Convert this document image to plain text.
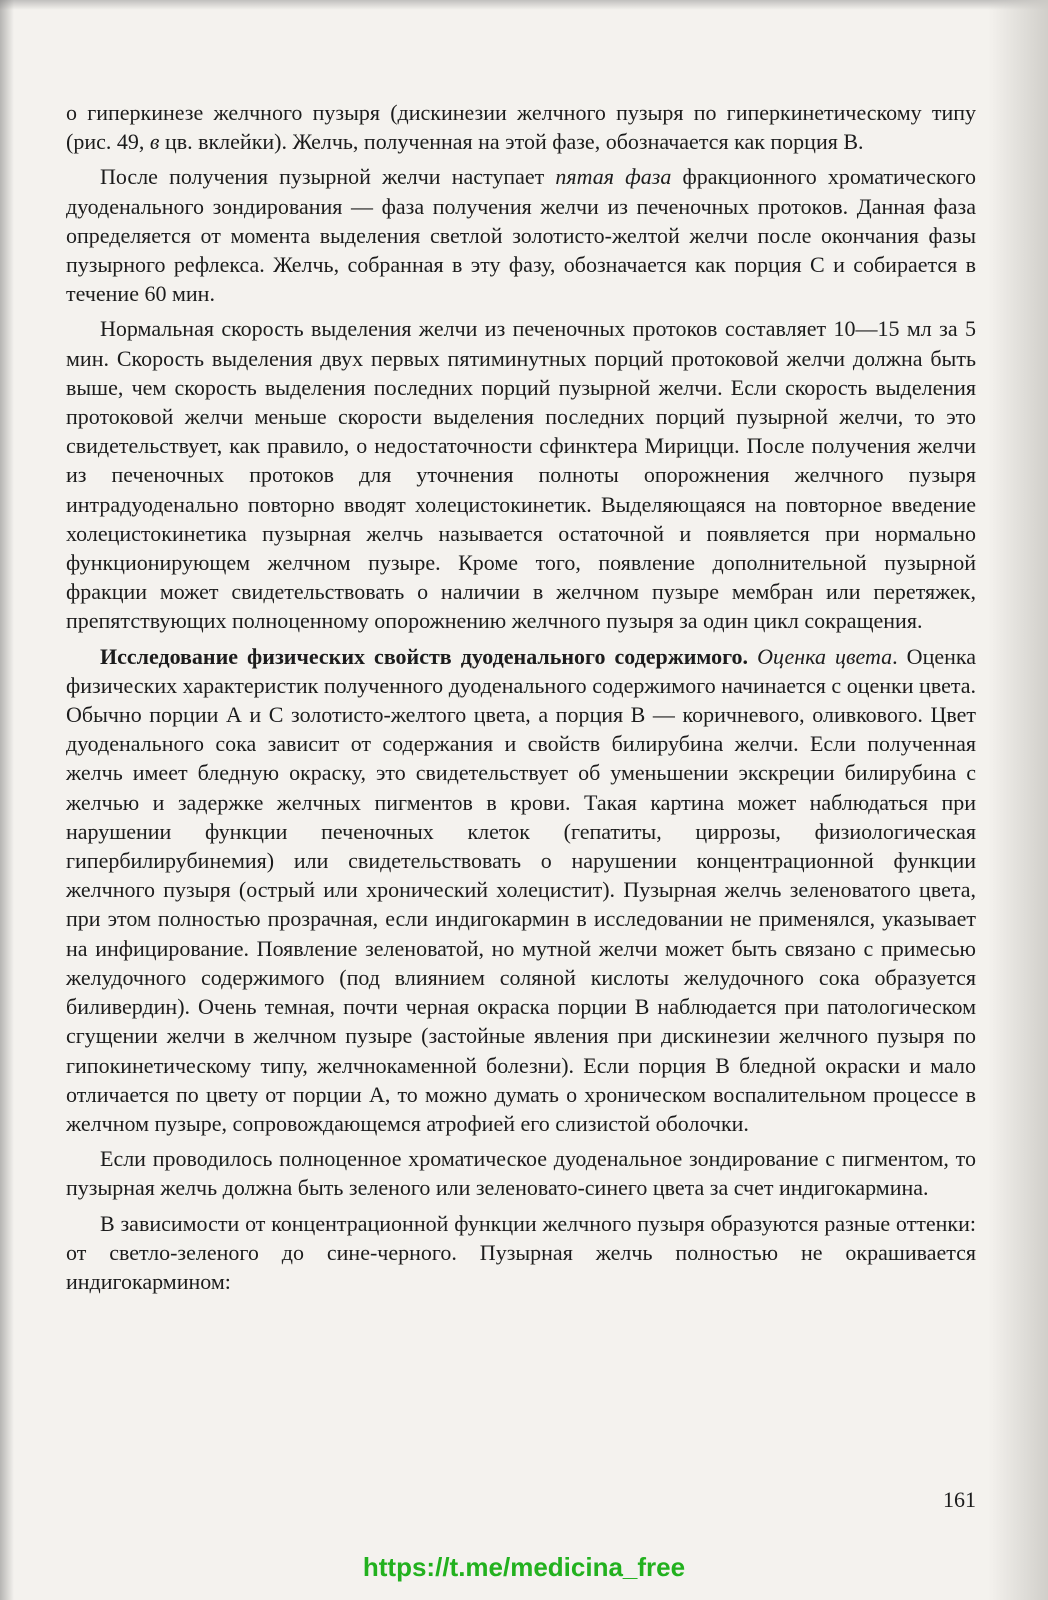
о гиперкинезе желчного пузыря (дискинезии желчного пузыря по гиперкинетическому типу (рис. 49, в цв. вклейки). Желчь, полученная на этой фазе, обозначается как порция В.

После получения пузырной желчи наступает пятая фаза фракционного хроматического дуоденального зондирования — фаза получения желчи из печеночных протоков. Данная фаза определяется от момента выделения светлой золотисто-желтой желчи после окончания фазы пузырного рефлекса. Желчь, собранная в эту фазу, обозначается как порция С и собирается в течение 60 мин.

Нормальная скорость выделения желчи из печеночных протоков составляет 10—15 мл за 5 мин. Скорость выделения двух первых пятиминутных порций протоковой желчи должна быть выше, чем скорость выделения последних порций пузырной желчи. Если скорость выделения протоковой желчи меньше скорости выделения последних порций пузырной желчи, то это свидетельствует, как правило, о недостаточности сфинктера Мирицци. После получения желчи из печеночных протоков для уточнения полноты опорожнения желчного пузыря интрадуоденально повторно вводят холецистокинетик. Выделяющаяся на повторное введение холецистокинетика пузырная желчь называется остаточной и появляется при нормально функционирующем желчном пузыре. Кроме того, появление дополнительной пузырной фракции может свидетельствовать о наличии в желчном пузыре мембран или перетяжек, препятствующих полноценному опорожнению желчного пузыря за один цикл сокращения.

Исследование физических свойств дуоденального содержимого. Оценка цвета. Оценка физических характеристик полученного дуоденального содержимого начинается с оценки цвета. Обычно порции А и С золотисто-желтого цвета, а порция В — коричневого, оливкового. Цвет дуоденального сока зависит от содержания и свойств билирубина желчи. Если полученная желчь имеет бледную окраску, это свидетельствует об уменьшении экскреции билирубина с желчью и задержке желчных пигментов в крови. Такая картина может наблюдаться при нарушении функции печеночных клеток (гепатиты, циррозы, физиологическая гипербилирубинемия) или свидетельствовать о нарушении концентрационной функции желчного пузыря (острый или хронический холецистит). Пузырная желчь зеленоватого цвета, при этом полностью прозрачная, если индигокармин в исследовании не применялся, указывает на инфицирование. Появление зеленоватой, но мутной желчи может быть связано с примесью желудочного содержимого (под влиянием соляной кислоты желудочного сока образуется биливердин). Очень темная, почти черная окраска порции В наблюдается при патологическом сгущении желчи в желчном пузыре (застойные явления при дискинезии желчного пузыря по гипокинетическому типу, желчнокаменной болезни). Если порция В бледной окраски и мало отличается по цвету от порции А, то можно думать о хроническом воспалительном процессе в желчном пузыре, сопровождающемся атрофией его слизистой оболочки.

Если проводилось полноценное хроматическое дуоденальное зондирование с пигментом, то пузырная желчь должна быть зеленого или зеленовато-синего цвета за счет индигокармина.

В зависимости от концентрационной функции желчного пузыря образуются разные оттенки: от светло-зеленого до сине-черного. Пузырная желчь полностью не окрашивается индигокармином:

161
https://t.me/medicina_free
